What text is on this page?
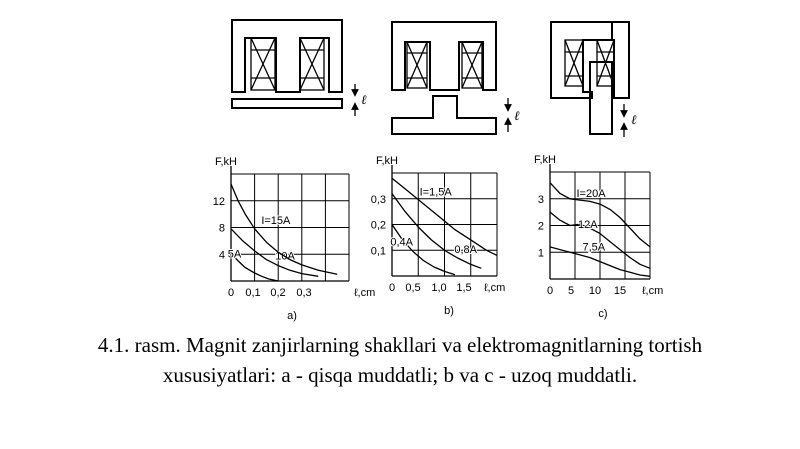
ℓ
ℓ	ℓ
F,kH
4
8
12
0 0,1 0,2 0,3	ℓ,cm
a)
5A	10A
I=15A
F,kH
0,1
0,2
0,3
0 0,5 1,0 1,5 ℓ,cm
b)
0,4A
0,8A
I=1,5A
F,kH
1
2
3
0 5 10 15 ℓ,cm
c)
7,5A
12A
I=20A
4.1. rasm. Magnit zanjirlarning shakllari va elektromagnitlarning tortish
xususiyatlari: a - qisqa muddatli; b va c - uzoq muddatli.
